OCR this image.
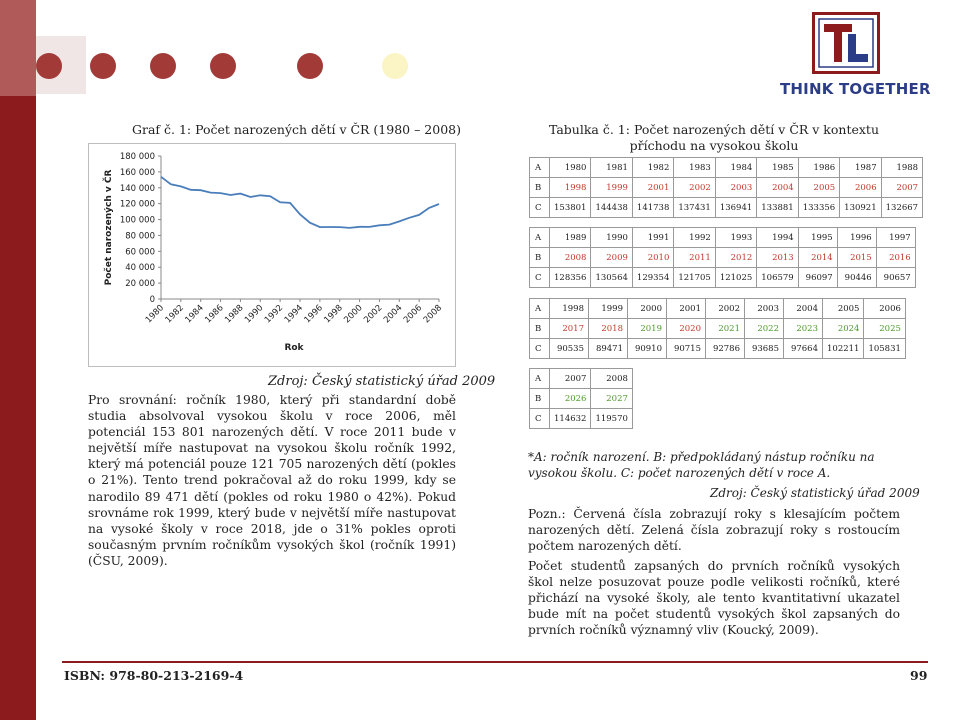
THINK TOGETHER
Graf č. 1: Počet narozených dětí v ČR (1980 – 2008)
180 000
160 000
140 000
120 000
100 000
80 000
60 000
40 000
20 000
0
1980
1982
1984
1986
1988
1990
1992
1994
1996
1998
2000
2002
2004
2006
2008
Rok
Počet narozených v ČR
Zdroj: Český statistický úřad 2009
Pro srovnání: ročník 1980, který při standardní době studia absolvoval vysokou školu v roce 2006, měl potenciál 153 801 narozených dětí. V roce 2011 bude v největší míře nastupovat na vysokou školu ročník 1992, který má potenciál pouze 121 705 narozených dětí (pokles o 21%). Tento trend pokračoval až do roku 1999, kdy se narodilo 89 471 dětí (pokles od roku 1980 o 42%). Pokud srovnáme rok 1999, který bude v největší míře nastupovat na vysoké školy v roce 2018, jde o 31% pokles oproti současným prvním ročníkům vysokých škol (ročník 1991) (ČSU, 2009).
Tabulka č. 1: Počet narozených dětí v ČR v kontextu příchodu na vysokou školu
A	1980	1981	1982	1983	1984	1985	1986	1987	1988
B	1998	1999	2001	2002	2003	2004	2005	2006	2007
C	153801	144438	141738	137431	136941	133881	133356	130921	132667
A	1989	1990	1991	1992	1993	1994	1995	1996	1997
B	2008	2009	2010	2011	2012	2013	2014	2015	2016
C	128356	130564	129354	121705	121025	106579	96097	90446	90657
A	1998	1999	2000	2001	2002	2003	2004	2005	2006
B	2017	2018	2019	2020	2021	2022	2023	2024	2025
C	90535	89471	90910	90715	92786	93685	97664	102211	105831
A	2007	2008
B	2026	2027
C	114632	119570
*A: ročník narození. B: předpokládaný nástup ročníku na vysokou školu. C: počet narozených dětí v roce A.
Zdroj: Český statistický úřad 2009
Pozn.: Červená čísla zobrazují roky s klesajícím počtem narozených dětí. Zelená čísla zobrazují roky s rostoucím počtem narozených dětí.
Počet studentů zapsaných do prvních ročníků vysokých škol nelze posuzovat pouze podle velikosti ročníků, které přichází na vysoké školy, ale tento kvantitativní ukazatel bude mít na počet studentů vysokých škol zapsaných do prvních ročníků významný vliv (Koucký, 2009).
ISBN: 978-80-213-2169-4	99
